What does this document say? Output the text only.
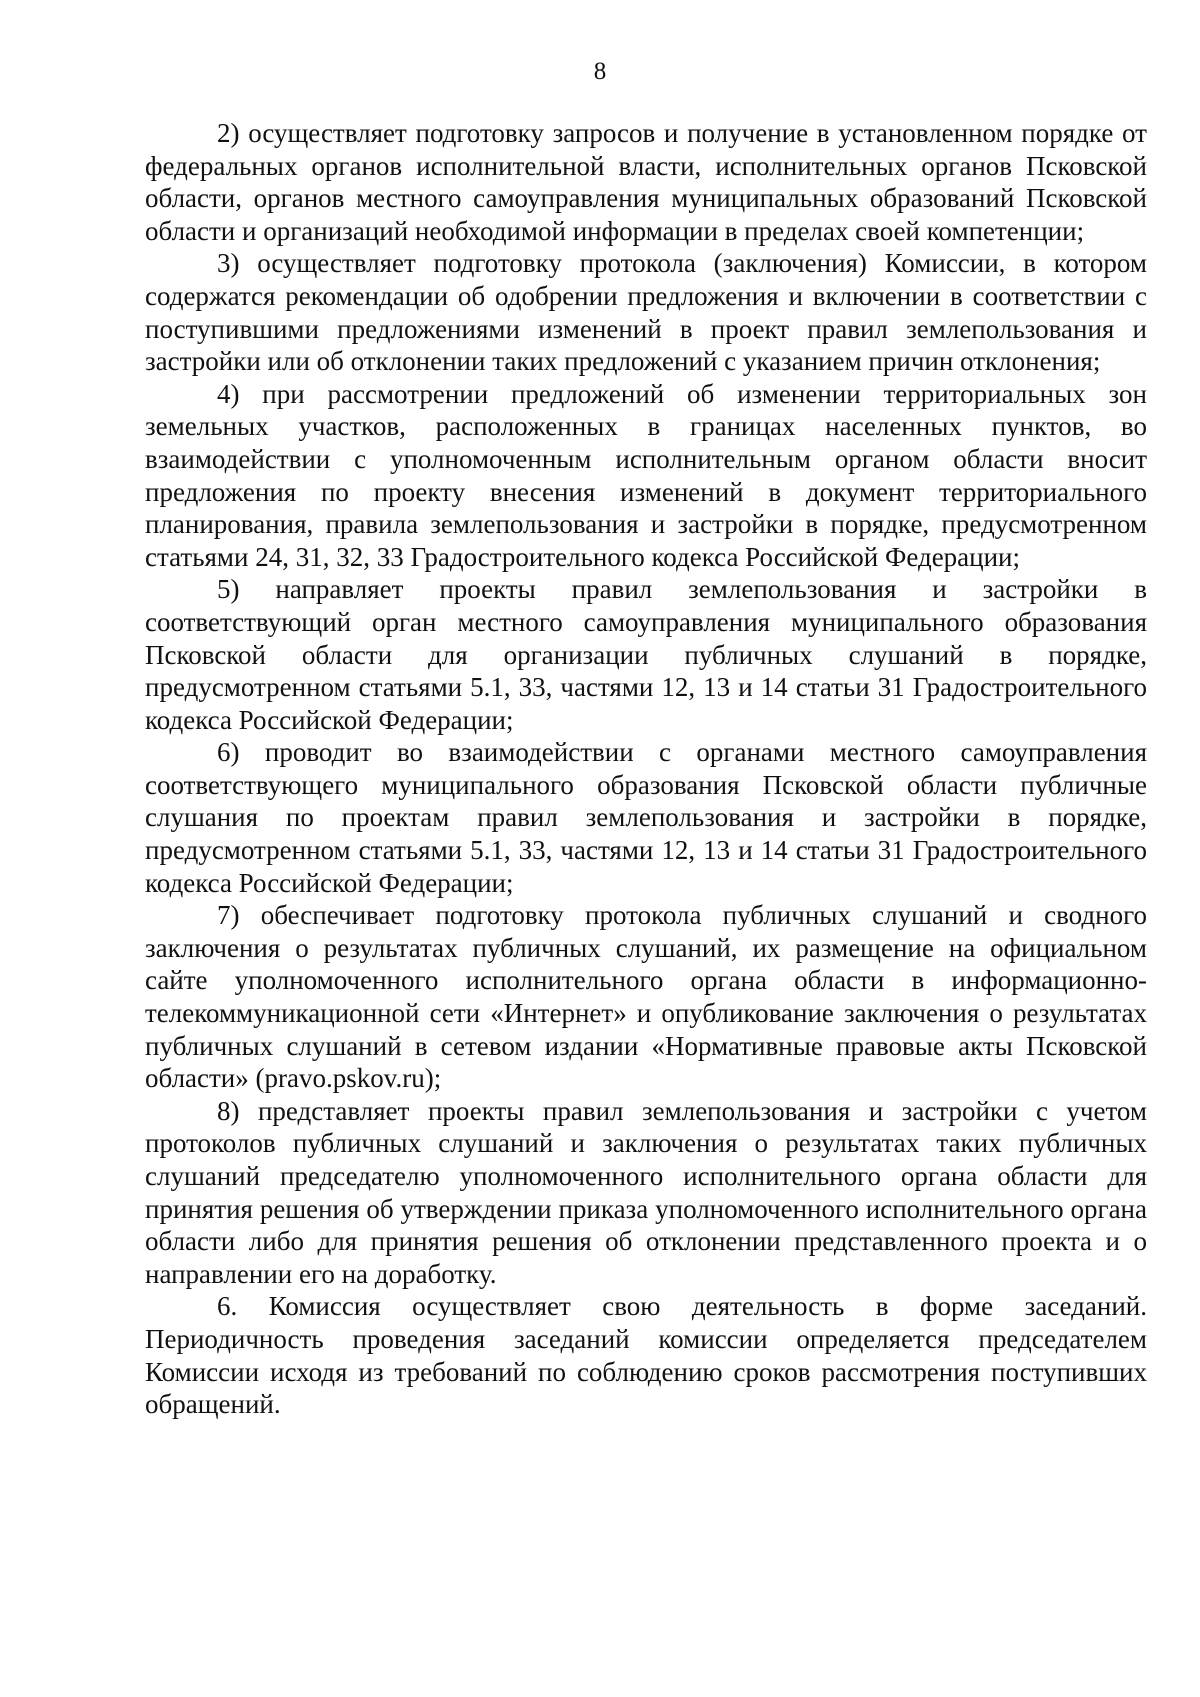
8

2) осуществляет подготовку запросов и получение в установленном порядке от федеральных органов исполнительной власти, исполнительных органов Псковской области, органов местного самоуправления муниципальных образований Псковской области и организаций необходимой информации в пределах своей компетенции;

3) осуществляет подготовку протокола (заключения) Комиссии, в котором содержатся рекомендации об одобрении предложения и включении в соответствии с поступившими предложениями изменений в проект правил землепользования и застройки или об отклонении таких предложений с указанием причин отклонения;

4) при рассмотрении предложений об изменении территориальных зон земельных участков, расположенных в границах населенных пунктов, во взаимодействии с уполномоченным исполнительным органом области вносит предложения по проекту внесения изменений в документ территориального планирования, правила землепользования и застройки в порядке, предусмотренном статьями 24, 31, 32, 33 Градостроительного кодекса Российской Федерации;

5) направляет проекты правил землепользования и застройки в соответствующий орган местного самоуправления муниципального образования Псковской области для организации публичных слушаний в порядке, предусмотренном статьями 5.1, 33, частями 12, 13 и 14 статьи 31 Градостроительного кодекса Российской Федерации;

6) проводит во взаимодействии с органами местного самоуправления соответствующего муниципального образования Псковской области публичные слушания по проектам правил землепользования и застройки в порядке, предусмотренном статьями 5.1, 33, частями 12, 13 и 14 статьи 31 Градостроительного кодекса Российской Федерации;

7) обеспечивает подготовку протокола публичных слушаний и сводного заключения о результатах публичных слушаний, их размещение на официальном сайте уполномоченного исполнительного органа области в информационно-телекоммуникационной сети «Интернет» и опубликование заключения о результатах публичных слушаний в сетевом издании «Нормативные правовые акты Псковской области» (pravo.pskov.ru);

8) представляет проекты правил землепользования и застройки с учетом протоколов публичных слушаний и заключения о результатах таких публичных слушаний председателю уполномоченного исполнительного органа области для принятия решения об утверждении приказа уполномоченного исполнительного органа области либо для принятия решения об отклонении представленного проекта и о направлении его на доработку.

6. Комиссия осуществляет свою деятельность в форме заседаний. Периодичность проведения заседаний комиссии определяется председателем Комиссии исходя из требований по соблюдению сроков рассмотрения поступивших обращений.
